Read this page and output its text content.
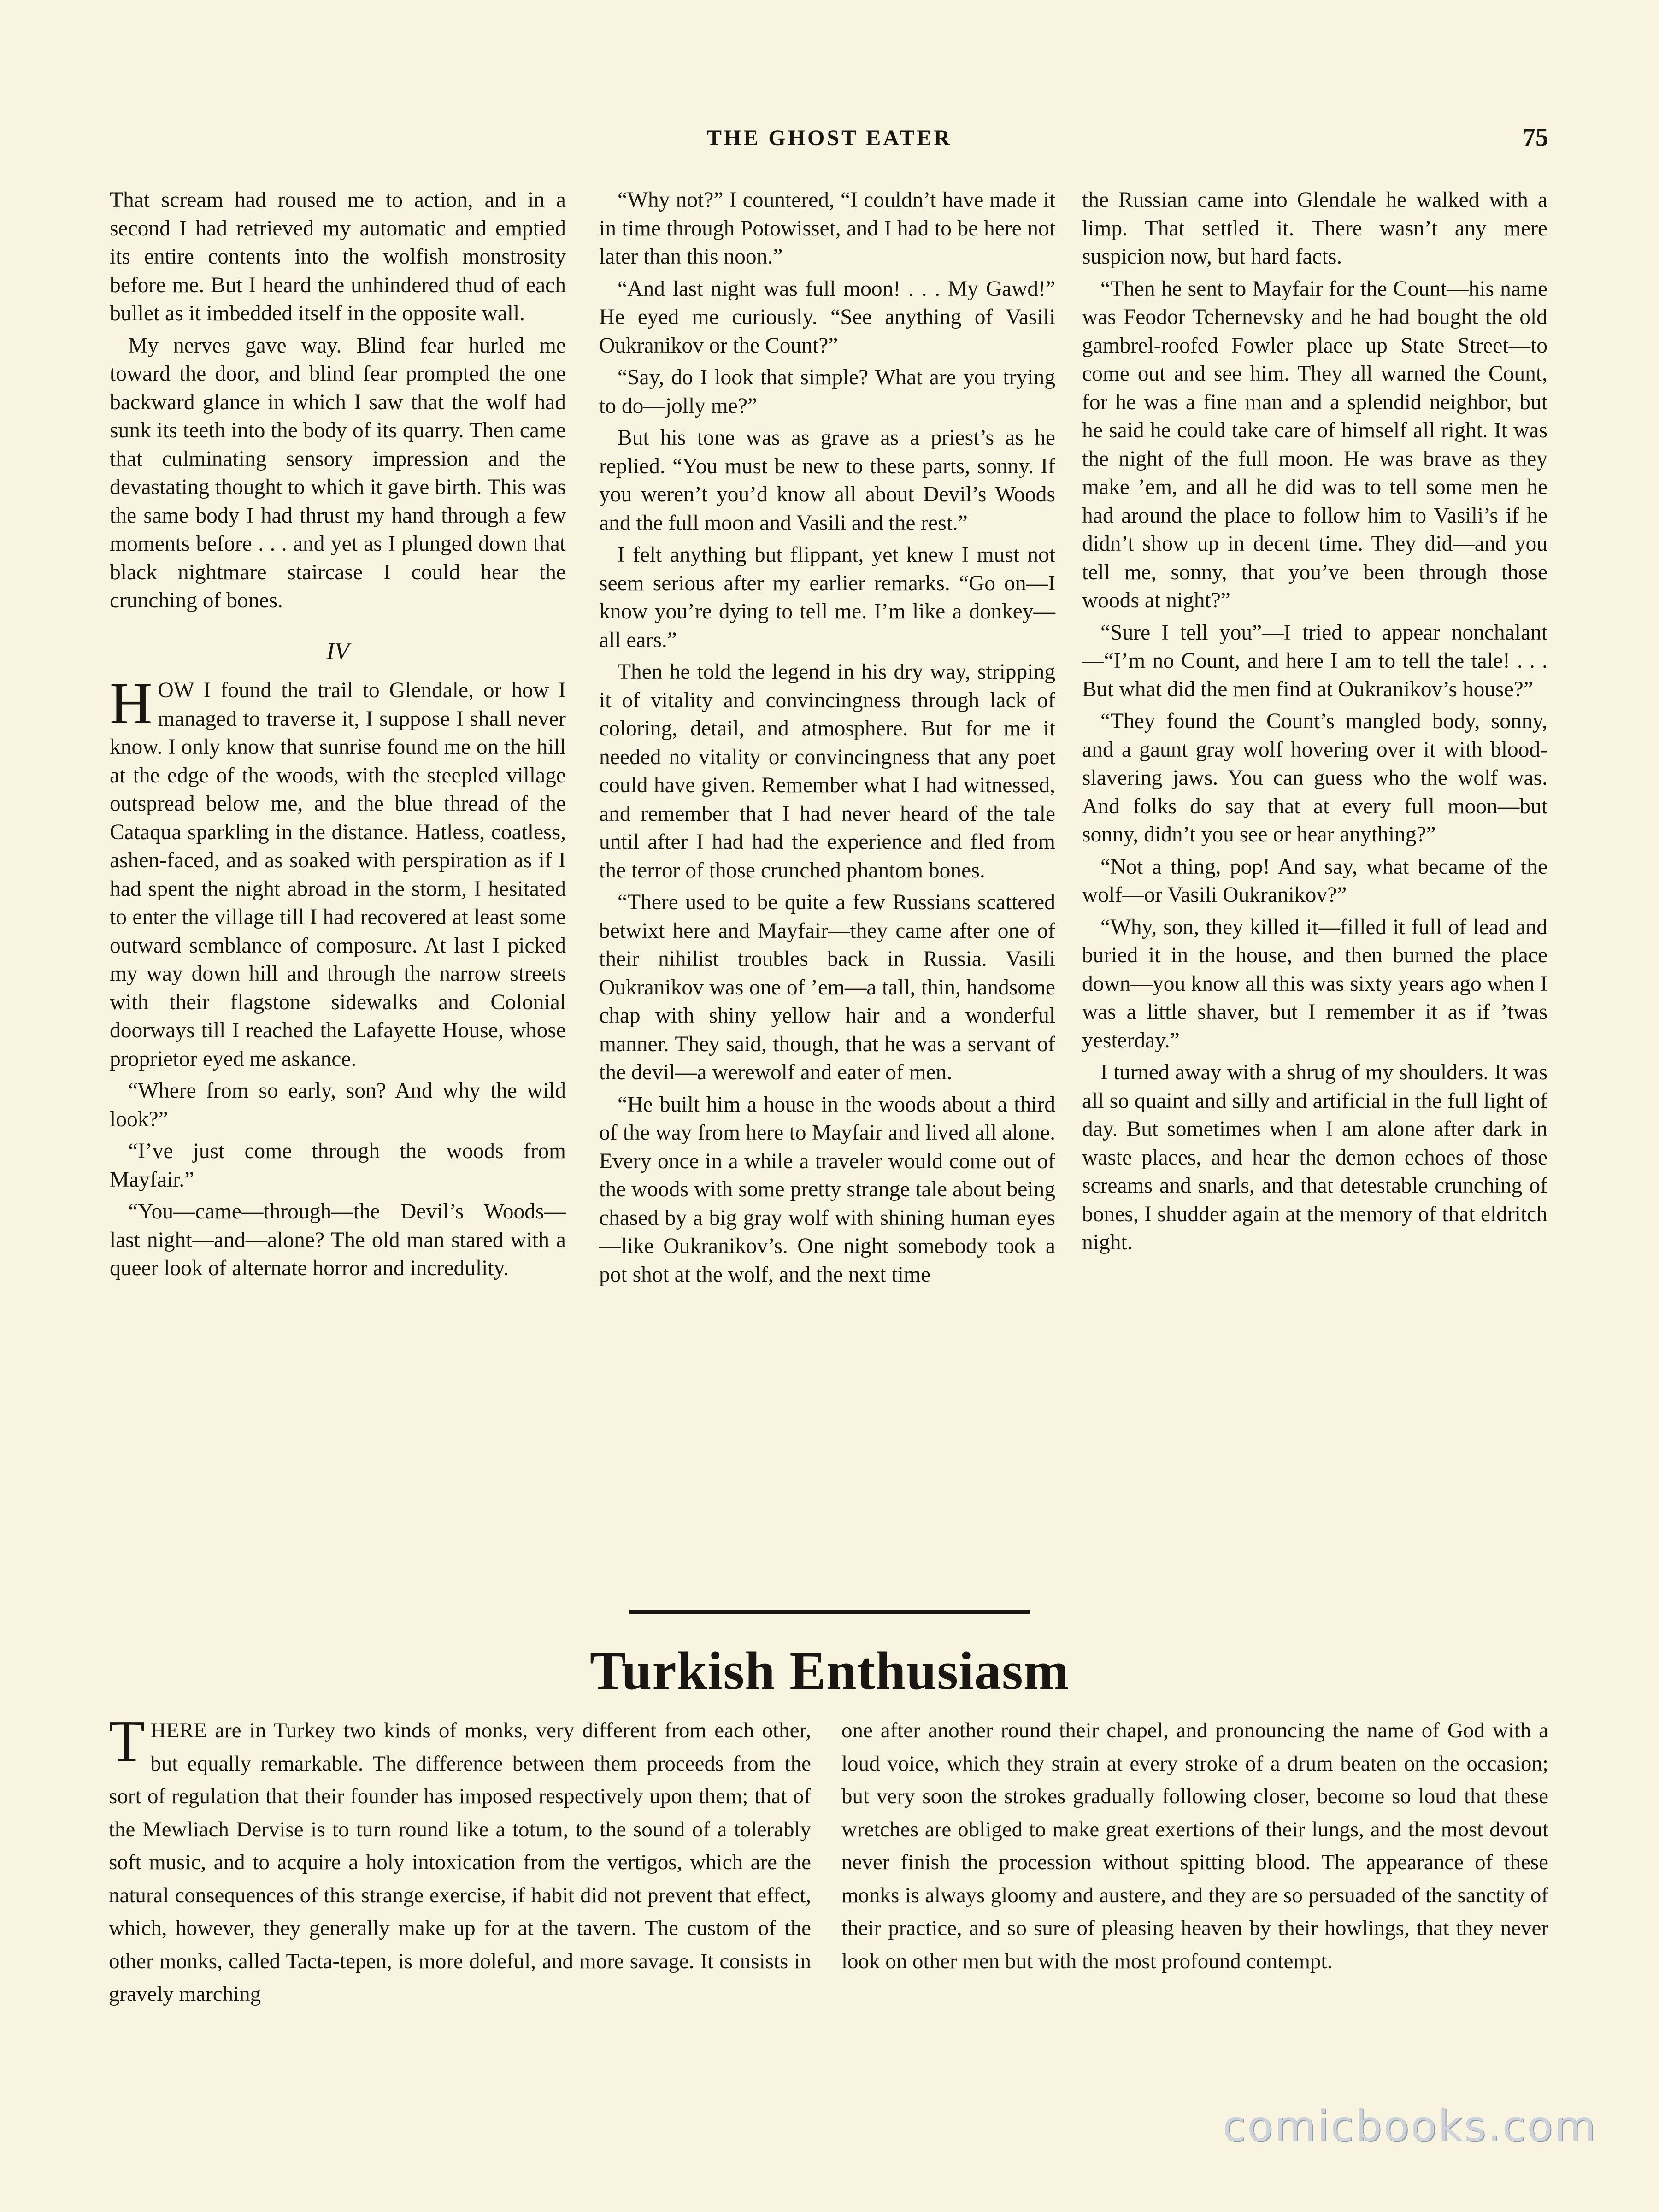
THE GHOST EATER	75

That scream had roused me to action, and in a second I had retrieved my automatic and emptied its entire contents into the wolfish monstrosity before me. But I heard the unhindered thud of each bullet as it imbedded itself in the opposite wall.

My nerves gave way. Blind fear hurled me toward the door, and blind fear prompted the one backward glance in which I saw that the wolf had sunk its teeth into the body of its quarry. Then came that culminating sensory impression and the devastating thought to which it gave birth. This was the same body I had thrust my hand through a few moments before . . . and yet as I plunged down that black nightmare staircase I could hear the crunching of bones.

IV

HOW I found the trail to Glendale, or how I managed to traverse it, I suppose I shall never know. I only know that sunrise found me on the hill at the edge of the woods, with the steepled village outspread below me, and the blue thread of the Cataqua sparkling in the distance. Hatless, coatless, ashen-faced, and as soaked with perspiration as if I had spent the night abroad in the storm, I hesitated to enter the village till I had recovered at least some outward semblance of composure. At last I picked my way down hill and through the narrow streets with their flagstone sidewalks and Colonial doorways till I reached the Lafayette House, whose proprietor eyed me askance.

“Where from so early, son? And why the wild look?”

“I’ve just come through the woods from Mayfair.”

“You—came—through—the Devil’s Woods—last night—and—alone? The old man stared with a queer look of alternate horror and incredulity.

“Why not?” I countered, “I couldn’t have made it in time through Potowisset, and I had to be here not later than this noon.”

“And last night was full moon! . . . My Gawd!” He eyed me curiously. “See anything of Vasili Oukranikov or the Count?”

“Say, do I look that simple? What are you trying to do—jolly me?”

But his tone was as grave as a priest’s as he replied. “You must be new to these parts, sonny. If you weren’t you’d know all about Devil’s Woods and the full moon and Vasili and the rest.”

I felt anything but flippant, yet knew I must not seem serious after my earlier remarks. “Go on—I know you’re dying to tell me. I’m like a donkey—all ears.”

Then he told the legend in his dry way, stripping it of vitality and convincingness through lack of coloring, detail, and atmosphere. But for me it needed no vitality or convincingness that any poet could have given. Remember what I had witnessed, and remember that I had never heard of the tale until after I had had the experience and fled from the terror of those crunched phantom bones.

“There used to be quite a few Russians scattered betwixt here and Mayfair—they came after one of their nihilist troubles back in Russia. Vasili Oukranikov was one of ’em—a tall, thin, handsome chap with shiny yellow hair and a wonderful manner. They said, though, that he was a servant of the devil—a werewolf and eater of men.

“He built him a house in the woods about a third of the way from here to Mayfair and lived all alone. Every once in a while a traveler would come out of the woods with some pretty strange tale about being chased by a big gray wolf with shining human eyes—like Oukranikov’s. One night somebody took a pot shot at the wolf, and the next time

the Russian came into Glendale he walked with a limp. That settled it. There wasn’t any mere suspicion now, but hard facts.

“Then he sent to Mayfair for the Count—his name was Feodor Tchernevsky and he had bought the old gambrel-roofed Fowler place up State Street—to come out and see him. They all warned the Count, for he was a fine man and a splendid neighbor, but he said he could take care of himself all right. It was the night of the full moon. He was brave as they make ’em, and all he did was to tell some men he had around the place to follow him to Vasili’s if he didn’t show up in decent time. They did—and you tell me, sonny, that you’ve been through those woods at night?”

“Sure I tell you”—I tried to appear nonchalant—“I’m no Count, and here I am to tell the tale! . . . But what did the men find at Oukranikov’s house?”

“They found the Count’s mangled body, sonny, and a gaunt gray wolf hovering over it with blood-slavering jaws. You can guess who the wolf was. And folks do say that at every full moon—but sonny, didn’t you see or hear anything?”

“Not a thing, pop! And say, what became of the wolf—or Vasili Oukranikov?”

“Why, son, they killed it—filled it full of lead and buried it in the house, and then burned the place down—you know all this was sixty years ago when I was a little shaver, but I remember it as if ’twas yesterday.”

I turned away with a shrug of my shoulders. It was all so quaint and silly and artificial in the full light of day. But sometimes when I am alone after dark in waste places, and hear the demon echoes of those screams and snarls, and that detestable crunching of bones, I shudder again at the memory of that eldritch night.

Turkish Enthusiasm

THERE are in Turkey two kinds of monks, very different from each other, but equally remarkable. The difference between them proceeds from the sort of regulation that their founder has imposed respectively upon them; that of the Mewliach Dervise is to turn round like a totum, to the sound of a tolerably soft music, and to acquire a holy intoxication from the vertigos, which are the natural consequences of this strange exercise, if habit did not prevent that effect, which, however, they generally make up for at the tavern. The custom of the other monks, called Tacta-tepen, is more doleful, and more savage. It consists in gravely marching

one after another round their chapel, and pronouncing the name of God with a loud voice, which they strain at every stroke of a drum beaten on the occasion; but very soon the strokes gradually following closer, become so loud that these wretches are obliged to make great exertions of their lungs, and the most devout never finish the procession without spitting blood. The appearance of these monks is always gloomy and austere, and they are so persuaded of the sanctity of their practice, and so sure of pleasing heaven by their howlings, that they never look on other men but with the most profound contempt.

comicbooks.com
